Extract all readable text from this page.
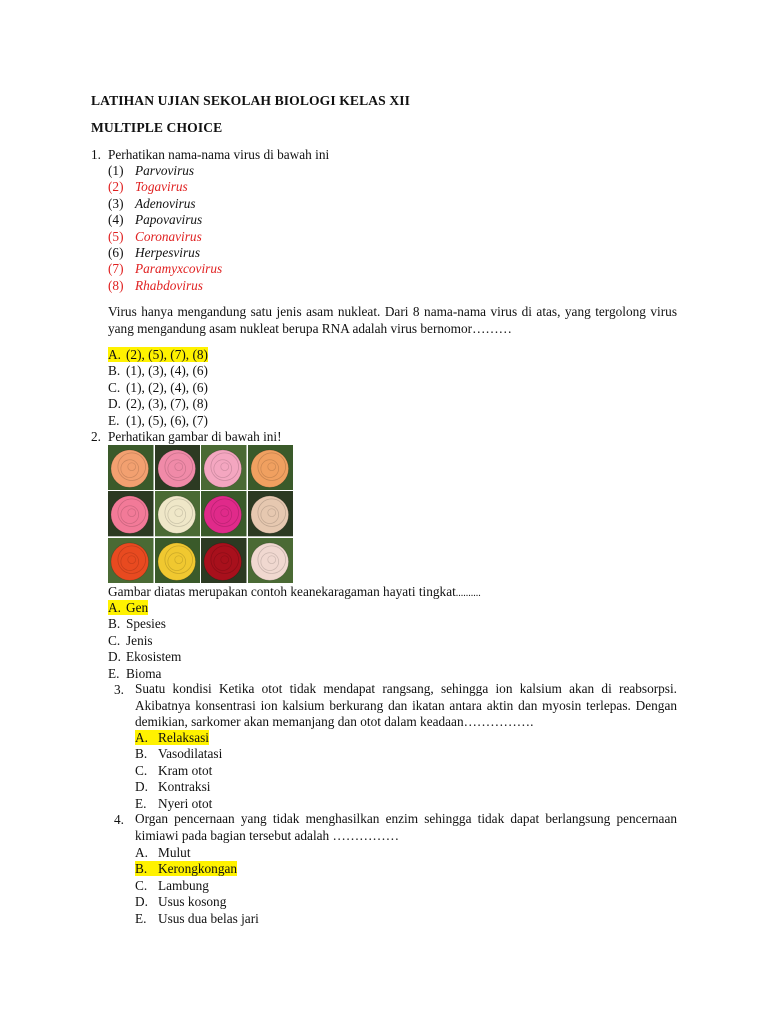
LATIHAN UJIAN SEKOLAH BIOLOGI KELAS XII
MULTIPLE CHOICE
1. Perhatikan nama-nama virus di bawah ini
(1) Parvovirus
(2) Togavirus
(3) Adenovirus
(4) Papovavirus
(5) Coronavirus
(6) Herpesvirus
(7) Paramyxcovirus
(8) Rhabdovirus
Virus hanya mengandung satu jenis asam nukleat. Dari 8 nama-nama virus di atas, yang tergolong virus yang mengandung asam nukleat berupa RNA adalah virus bernomor………
A. (2), (5), (7), (8)
B. (1), (3), (4), (6)
C. (1), (2), (4), (6)
D. (2), (3), (7), (8)
E. (1), (5), (6), (7)
2. Perhatikan gambar di bawah ini!
Gambar diatas merupakan contoh keanekaragaman hayati tingkat..........
A. Gen
B. Spesies
C. Jenis
D. Ekosistem
E. Bioma
3. Suatu kondisi Ketika otot tidak mendapat rangsang, sehingga ion kalsium akan di reabsorpsi. Akibatnya konsentrasi ion kalsium berkurang dan ikatan antara aktin dan myosin terlepas. Dengan demikian, sarkomer akan memanjang dan otot dalam keadaan…………….
A. Relaksasi
B. Vasodilatasi
C. Kram otot
D. Kontraksi
E. Nyeri otot
4. Organ pencernaan yang tidak menghasilkan enzim sehingga tidak dapat berlangsung pencernaan kimiawi pada bagian tersebut adalah ……………
A. Mulut
B. Kerongkongan
C. Lambung
D. Usus kosong
E. Usus dua belas jari
